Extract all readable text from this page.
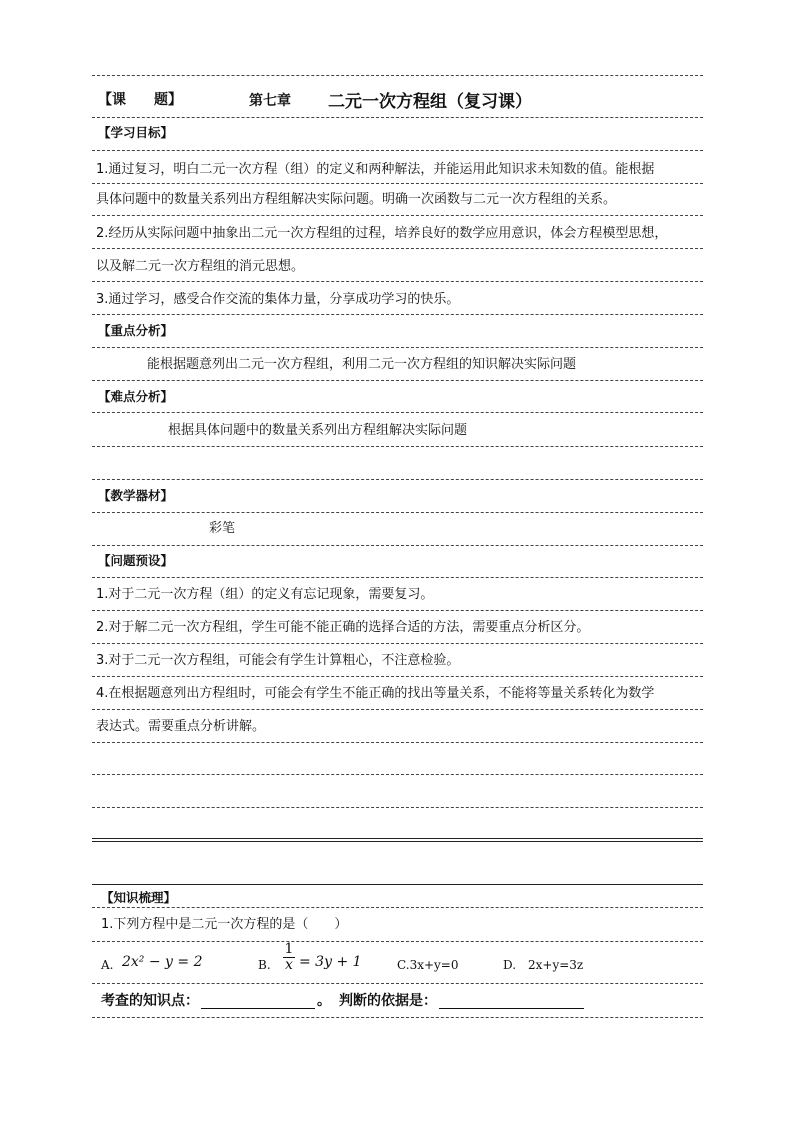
【课　　题】	第七章 二元一次方程组（复习课）
【学习目标】
1.通过复习，明白二元一次方程（组）的定义和两种解法，并能运用此知识求未知数的值。能根据
具体问题中的数量关系列出方程组解决实际问题。明确一次函数与二元一次方程组的关系。
2.经历从实际问题中抽象出二元一次方程组的过程，培养良好的数学应用意识，体会方程模型思想，
以及解二元一次方程组的消元思想。
3.通过学习，感受合作交流的集体力量，分享成功学习的快乐。
【重点分析】
能根据题意列出二元一次方程组，利用二元一次方程组的知识解决实际问题
【难点分析】
根据具体问题中的数量关系列出方程组解决实际问题
【教学器材】
彩笔
【问题预设】
1.对于二元一次方程（组）的定义有忘记现象，需要复习。
2.对于解二元一次方程组，学生可能不能正确的选择合适的方法，需要重点分析区分。
3.对于二元一次方程组，可能会有学生计算粗心，不注意检验。
4.在根据题意列出方程组时，可能会有学生不能正确的找出等量关系，不能将等量关系转化为数学
表达式。需要重点分析讲解。
【知识梳理】
1.下列方程中是二元一次方程的是（　　）
A. 2x² − y = 2	B.
1
x = 3y + 1	C.3x+y=0	D.　2x+y=3z
考查的知识点：	。 判断的依据是：
